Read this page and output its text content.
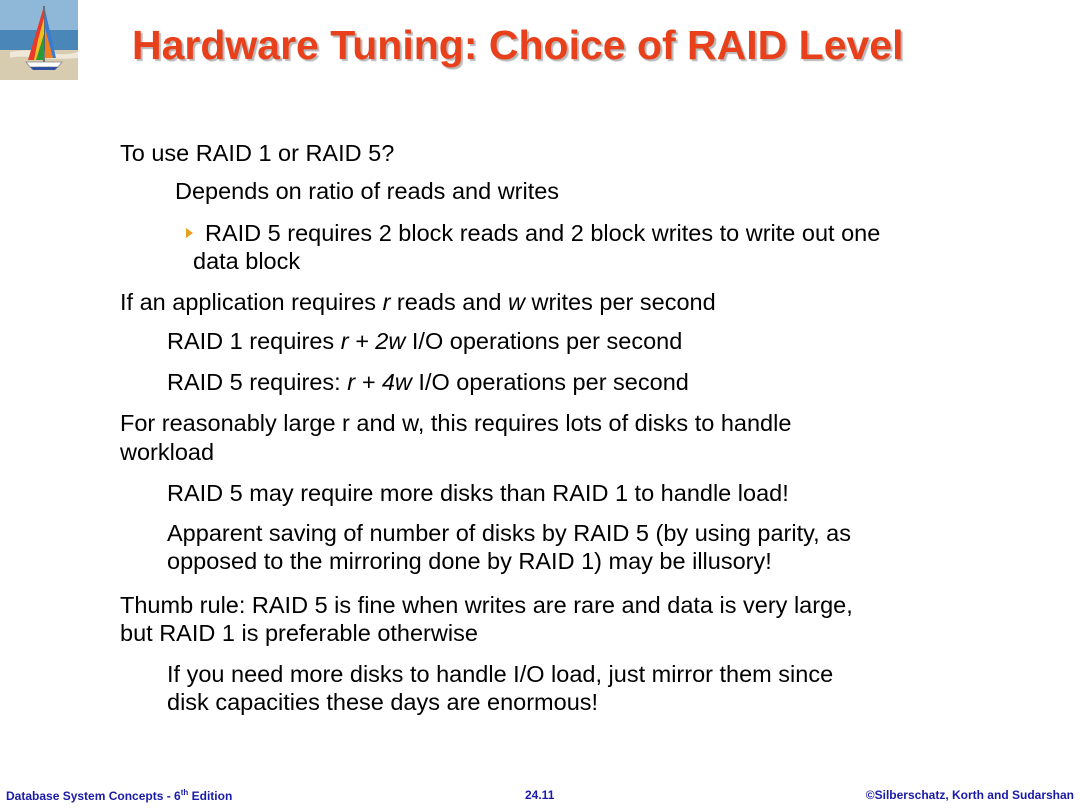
Hardware Tuning: Choice of RAID Level
To use RAID 1 or RAID 5?
Depends on ratio of reads and writes
RAID 5 requires 2 block reads and 2 block writes to write out one
data block
If an application requires r reads and w writes per second
RAID 1 requires r + 2w I/O operations per second
RAID 5 requires: r + 4w I/O operations per second
For reasonably large r and w, this requires lots of disks to handle
workload
RAID 5 may require more disks than RAID 1 to handle load!
Apparent saving of number of disks by RAID 5 (by using parity, as
opposed to the mirroring done by RAID 1) may be illusory!
Thumb rule: RAID 5 is fine when writes are rare and data is very large,
but RAID 1 is preferable otherwise
If you need more disks to handle I/O load, just mirror them since
disk capacities these days are enormous!
Database System Concepts - 6th Edition	24.11	©Silberschatz, Korth and Sudarshan
